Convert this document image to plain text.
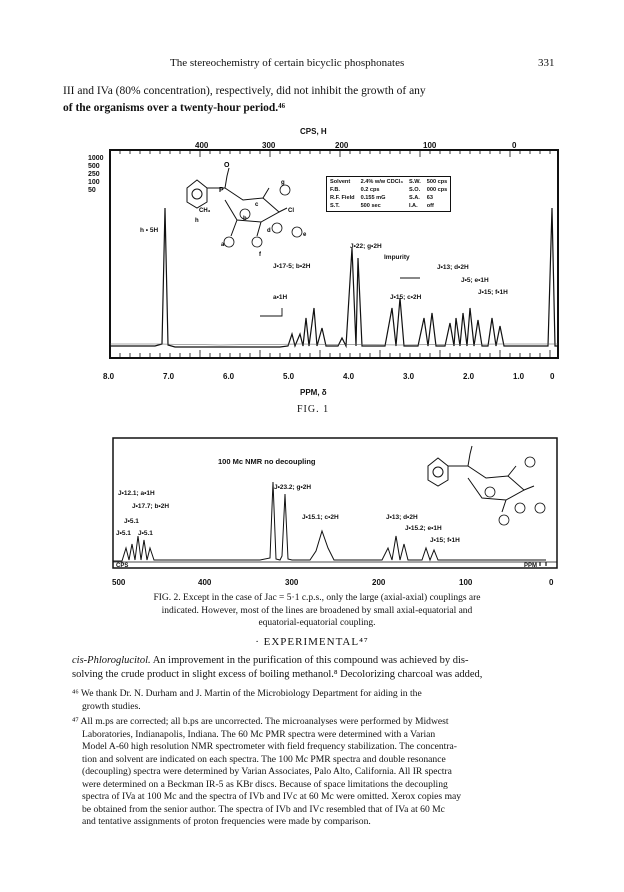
The stereochemistry of certain bicyclic phosphonates	331
III and IVa (80% concentration), respectively, did not inhibit the growth of any
of the organisms over a twenty-hour period.⁴⁶
CPS, H
400	300	200	100	0
1000
500
250
100
50
O
P
CH₃	Cl
a
b
c
d
e
f
g
h
Solvent	2.4% w/w CDCl₃	S.W.	500 cps
F.B.	0.2 cps	S.O.	000 cps
R.F. Field	0.155 mG	S.A.	63
S.T.	500 sec	I.A.	off
h • 5H
J•22; g•2H
Impurity
J•17-5; b•2H	J•13; d•2H
J•5; e•1H
J•15; f•1H
a•1H	J•15; c•2H
8.0	7.0	6.0	5.0	4.0	3.0	2.0	1.0	0
PPM, δ
FIG. 1
100 Mc NMR no decoupling
J•12.1; a•1H
J•17.7; b•2H
J•23.2; g•2H
J•15.1; c•2H	J•13; d•2H
J•15.2; e•1H
J•15; f•1H
J•5.1
J•5.1 J•5.1
CPS	PPM
500	400	300	200	100	0
FIG. 2. Except in the case of Jac = 5·1 c.p.s., only the large (axial-axial) couplings are
indicated. However, most of the lines are broadened by small axial-equatorial and
equatorial-equatorial coupling.
· EXPERIMENTAL⁴⁷
cis-Phloroglucitol. An improvement in the purification of this compound was achieved by dis-
solving the crude product in slight excess of boiling methanol.⁸ Decolorizing charcoal was added,
⁴⁶ We thank Dr. N. Durham and J. Martin of the Microbiology Department for aiding in the
growth studies.
⁴⁷ All m.ps are corrected; all b.ps are uncorrected. The microanalyses were performed by Midwest
Laboratories, Indianapolis, Indiana. The 60 Mc PMR spectra were determined with a Varian
Model A-60 high resolution NMR spectrometer with field frequency stabilization. The concentra-
tion and solvent are indicated on each spectra. The 100 Mc PMR spectra and double resonance
(decoupling) spectra were determined by Varian Associates, Palo Alto, California. All IR spectra
were determined on a Beckman IR-5 as KBr discs. Because of space limitations the decoupling
spectra of IVa at 100 Mc and the spectra of IVb and IVc at 60 Mc were omitted. Xerox copies may
be obtained from the senior author. The spectra of IVb and IVc resembled that of IVa at 60 Mc
and tentative assignments of proton frequencies were made by comparison.
